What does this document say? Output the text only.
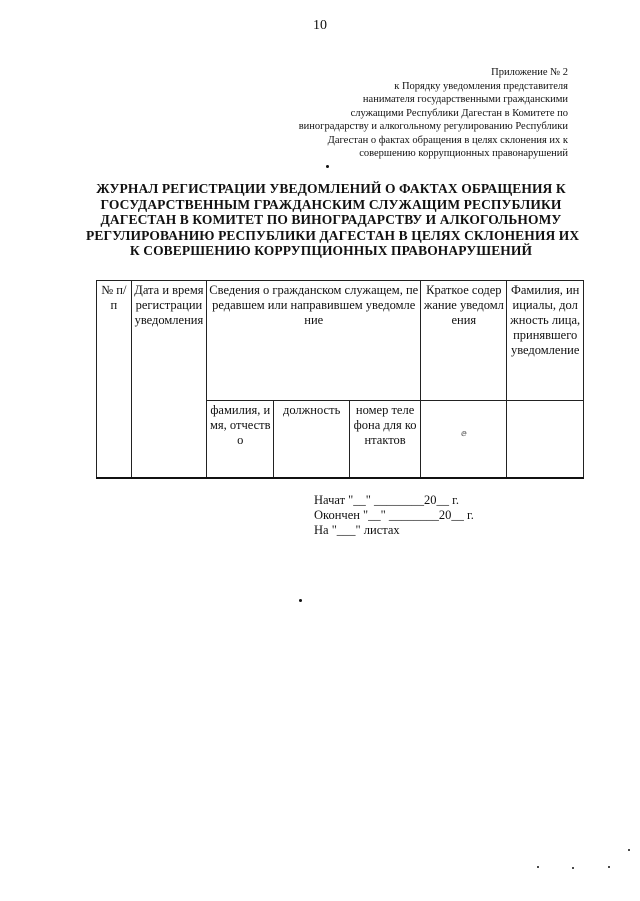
10
Приложение № 2
к Порядку уведомления представителя
нанимателя государственными гражданскими
служащими Республики Дагестан в Комитете по
виноградарству и алкогольному регулированию Республики
Дагестан о фактах обращения в целях склонения их к
совершению коррупционных правонарушений
ЖУРНАЛ РЕГИСТРАЦИИ УВЕДОМЛЕНИЙ О ФАКТАХ ОБРАЩЕНИЯ К
ГОСУДАРСТВЕННЫМ ГРАЖДАНСКИМ СЛУЖАЩИМ РЕСПУБЛИКИ
ДАГЕСТАН В КОМИТЕТ ПО ВИНОГРАДАРСТВУ И АЛКОГОЛЬНОМУ
РЕГУЛИРОВАНИЮ РЕСПУБЛИКИ ДАГЕСТАН В ЦЕЛЯХ СКЛОНЕНИЯ ИХ
К СОВЕРШЕНИЮ КОРРУПЦИОННЫХ ПРАВОНАРУШЕНИЙ
№ п/п	Дата и время регистрации уведомления	Сведения о гражданском служащем, передавшем или направившем уведомление			Краткое содержание уведомления	Фамилия, инициалы, должность лица, принявшего уведомление
		фамилия, имя, отчество	должность	номер телефона для контактов	$_ⅇ$	
Начат "__" ________20__ г.
Окончен "__" ________20__ г.
На "___" листах
